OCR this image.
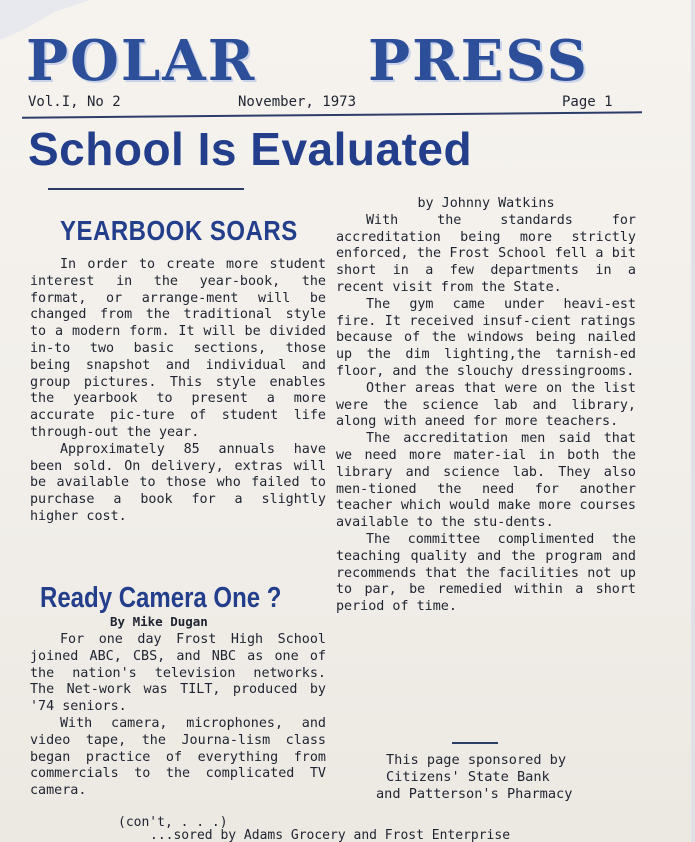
POLAR PRESS
Vol.I, No 2	November, 1973	Page 1
School Is Evaluated
YEARBOOK SOARS

In order to create more student interest in the year-book, the format, or arrange-ment will be changed from the traditional style to a modern form. It will be divided in-to two basic sections, those being snapshot and individual and group pictures. This style enables the yearbook to present a more accurate pic-ture of student life through-out the year.

Approximately 85 annuals have been sold. On delivery, extras will be available to those who failed to purchase a book for a slightly higher cost.

Ready Camera One ?
By Mike Dugan

For one day Frost High School joined ABC, CBS, and NBC as one of the nation's television networks. The Net-work was TILT, produced by '74 seniors.

With camera, microphones, and video tape, the Journa-lism class began practice of everything from commercials to the complicated TV camera.

(con't, . . .)

by Johnny Watkins

With the standards for accreditation being more strictly enforced, the Frost School fell a bit short in a few departments in a recent visit from the State.

The gym came under heavi-est fire. It received insuf-cient ratings because of the windows being nailed up the dim lighting,the tarnish-ed floor, and the slouchy dressingrooms.

Other areas that were on the list were the science lab and library, along with aneed for more teachers.

The accreditation men said that we need more mater-ial in both the library and science lab. They also men-tioned the need for another teacher which would make more courses available to the stu-dents.

The committee complimented the teaching quality and the program and recommends that the facilities not up to par, be remedied within a short period of time.

This page sponsored by
Citizens' State Bank
and Patterson's Pharmacy
...sored by Adams Grocery and Frost Enterprise
